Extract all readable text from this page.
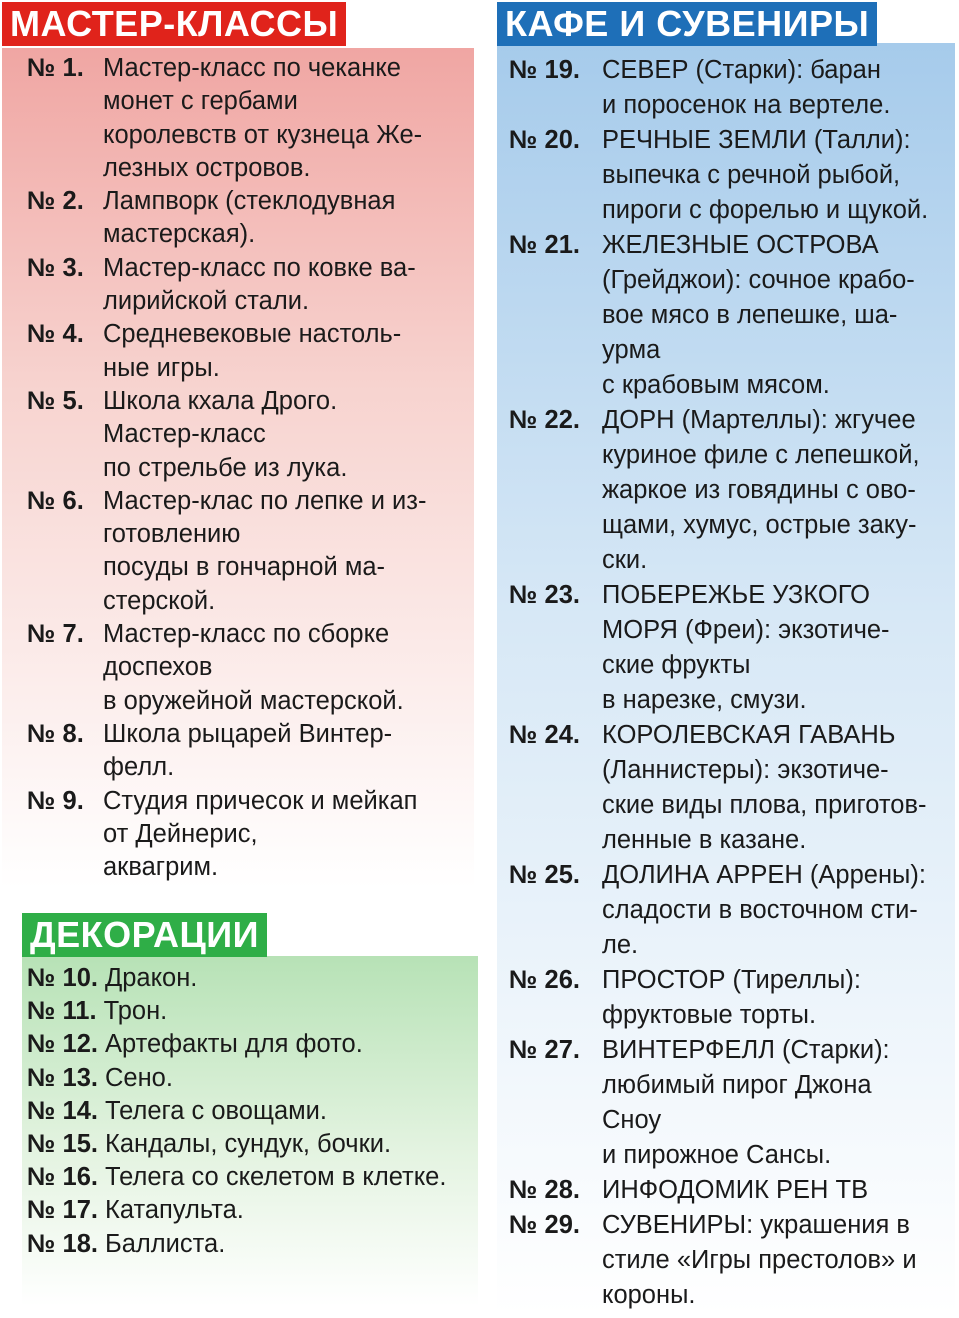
МАСТЕР-КЛАССЫ
ДЕКОРАЦИИ
КАФЕ И СУВЕНИРЫ
№ 1. Мастер-класс по чеканке
монет с гербами
королевств от кузнеца Же-
лезных островов.
№ 2. Лампворк (стеклодувная
мастерская).
№ 3. Мастер-класс по ковке ва-
лирийской стали.
№ 4. Средневековые настоль-
ные игры.
№ 5. Школа кхала Дрого.
Мастер-класс
по стрельбе из лука.
№ 6. Мастер-клас по лепке и из-
готовлению
посуды в гончарной ма-
стерской.
№ 7. Мастер-класс по сборке
доспехов
в оружейной мастерской.
№ 8. Школа рыцарей Винтер-
фелл.
№ 9. Студия причесок и мейкап
от Дейнерис,
аквагрим.
№ 10. Дракон.
№ 11. Трон.
№ 12. Артефакты для фото.
№ 13. Сено.
№ 14. Телега с овощами.
№ 15. Кандалы, сундук, бочки.
№ 16. Телега со скелетом в клетке.
№ 17. Катапульта.
№ 18. Баллиста.
№ 19. СЕВЕР (Старки): баран
и поросенок на вертеле.
№ 20. РЕЧНЫЕ ЗЕМЛИ (Талли):
выпечка с речной рыбой,
пироги с форелью и щукой.
№ 21. ЖЕЛЕЗНЫЕ ОСТРОВА
(Грейджои): сочное крабо-
вое мясо в лепешке, ша-
урма
с крабовым мясом.
№ 22. ДОРН (Мартеллы): жгучее
куриное филе с лепешкой,
жаркое из говядины с ово-
щами, хумус, острые заку-
ски.
№ 23. ПОБЕРЕЖЬЕ УЗКОГО
МОРЯ (Фреи): экзотиче-
ские фрукты
в нарезке, смузи.
№ 24. КОРОЛЕВСКАЯ ГАВАНЬ
(Ланнистеры): экзотиче-
ские виды плова, приготов-
ленные в казане.
№ 25. ДОЛИНА АРРЕН (Аррены):
сладости в восточном сти-
ле.
№ 26. ПРОСТОР (Тиреллы):
фруктовые торты.
№ 27. ВИНТЕРФЕЛЛ (Старки):
любимый пирог Джона
Сноу
и пирожное Сансы.
№ 28. ИНФОДОМИК РЕН ТВ
№ 29. СУВЕНИРЫ: украшения в
стиле «Игры престолов» и
короны.
